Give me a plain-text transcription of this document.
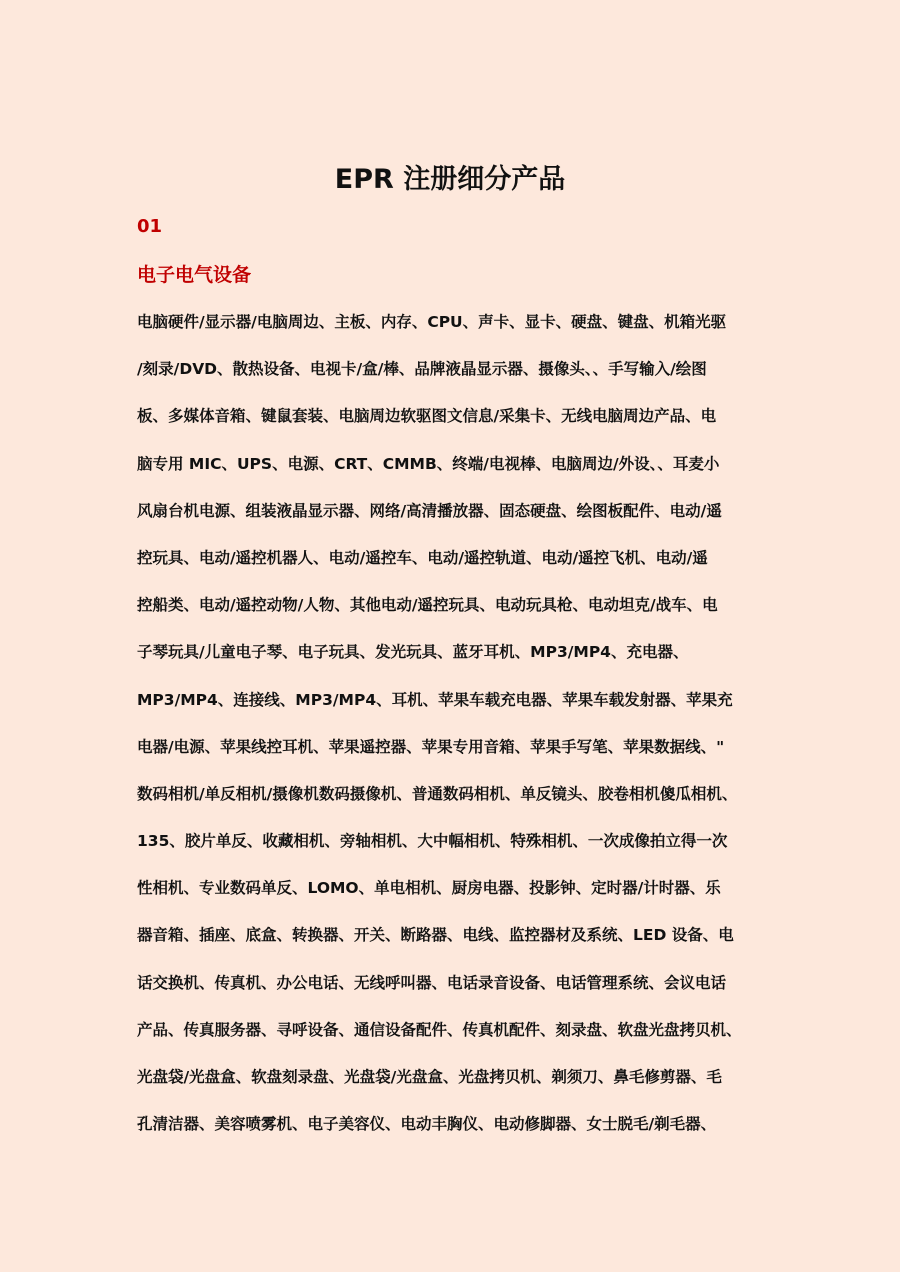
EPR 注册细分产品
01
电子电气设备
电脑硬件/显示器/电脑周边、主板、内存、CPU、声卡、显卡、硬盘、键盘、机箱光驱
/刻录/DVD、散热设备、电视卡/盒/棒、品牌液晶显示器、摄像头、、手写输入/绘图
板、多媒体音箱、键鼠套装、电脑周边软驱图文信息/采集卡、无线电脑周边产品、电
脑专用 MIC、UPS、电源、CRT、CMMB、终端/电视棒、电脑周边/外设、、耳麦小
风扇台机电源、组装液晶显示器、网络/高清播放器、固态硬盘、绘图板配件、电动/遥
控玩具、电动/遥控机器人、电动/遥控车、电动/遥控轨道、电动/遥控飞机、电动/遥
控船类、电动/遥控动物/人物、其他电动/遥控玩具、电动玩具枪、电动坦克/战车、电
子琴玩具/儿童电子琴、电子玩具、发光玩具、蓝牙耳机、MP3/MP4、充电器、
MP3/MP4、连接线、MP3/MP4、耳机、苹果车载充电器、苹果车载发射器、苹果充
电器/电源、苹果线控耳机、苹果遥控器、苹果专用音箱、苹果手写笔、苹果数据线、"
数码相机/单反相机/摄像机数码摄像机、普通数码相机、单反镜头、胶卷相机傻瓜相机、
135、胶片单反、收藏相机、旁轴相机、大中幅相机、特殊相机、一次成像拍立得一次
性相机、专业数码单反、LOMO、单电相机、厨房电器、投影钟、定时器/计时器、乐
器音箱、插座、底盒、转换器、开关、断路器、电线、监控器材及系统、LED 设备、电
话交换机、传真机、办公电话、无线呼叫器、电话录音设备、电话管理系统、会议电话
产品、传真服务器、寻呼设备、通信设备配件、传真机配件、刻录盘、软盘光盘拷贝机、
光盘袋/光盘盒、软盘刻录盘、光盘袋/光盘盒、光盘拷贝机、剃须刀、鼻毛修剪器、毛
孔清洁器、美容喷雾机、电子美容仪、电动丰胸仪、电动修脚器、女士脱毛/剃毛器、
